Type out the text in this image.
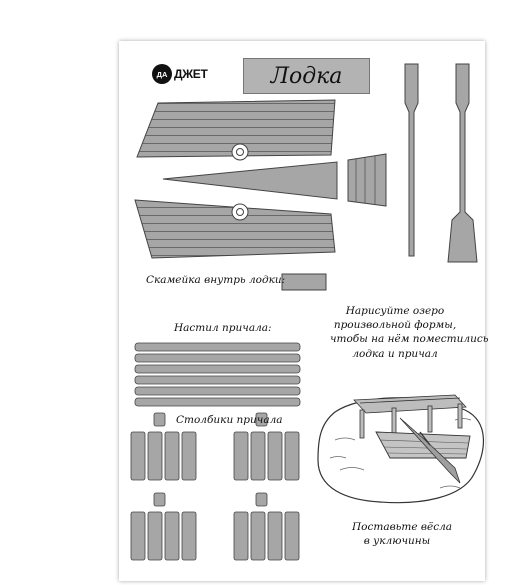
ДА ДЖЕТ	Лодка
Скамейка внутрь лодки:
Настил причала:
Нарисуйте озеро
произвольной формы,
чтобы на нём поместились
лодка и причал
Столбики причала
Поставьте вёсла
в уключины
